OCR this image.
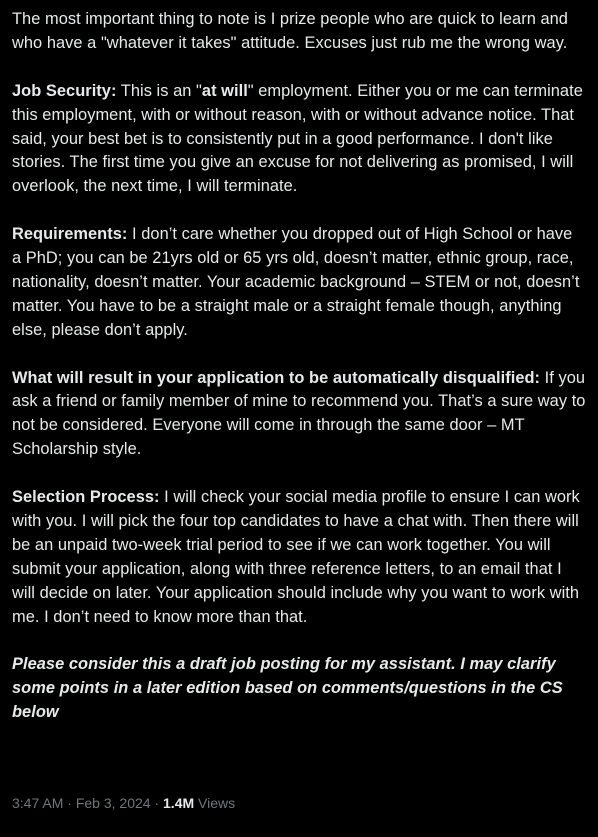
The most important thing to note is I prize people who are quick to learn and who have a "whatever it takes" attitude. Excuses just rub me the wrong way.

Job Security: This is an "at will" employment. Either you or me can terminate this employment, with or without reason, with or without advance notice. That said, your best bet is to consistently put in a good performance. I don't like stories. The first time you give an excuse for not delivering as promised, I will overlook, the next time, I will terminate.

Requirements: I don’t care whether you dropped out of High School or have a PhD; you can be 21yrs old or 65 yrs old, doesn’t matter, ethnic group, race, nationality, doesn’t matter. Your academic background – STEM or not, doesn’t matter. You have to be a straight male or a straight female though, anything else, please don’t apply.

What will result in your application to be automatically disqualified: If you ask a friend or family member of mine to recommend you. That’s a sure way to not be considered. Everyone will come in through the same door – MT Scholarship style.

Selection Process: I will check your social media profile to ensure I can work with you. I will pick the four top candidates to have a chat with. Then there will be an unpaid two-week trial period to see if we can work together. You will submit your application, along with three reference letters, to an email that I will decide on later. Your application should include why you want to work with me. I don’t need to know more than that.

Please consider this a draft job posting for my assistant. I may clarify some points in a later edition based on comments/questions in the CS below

3:47 AM · Feb 3, 2024 · 1.4M Views
